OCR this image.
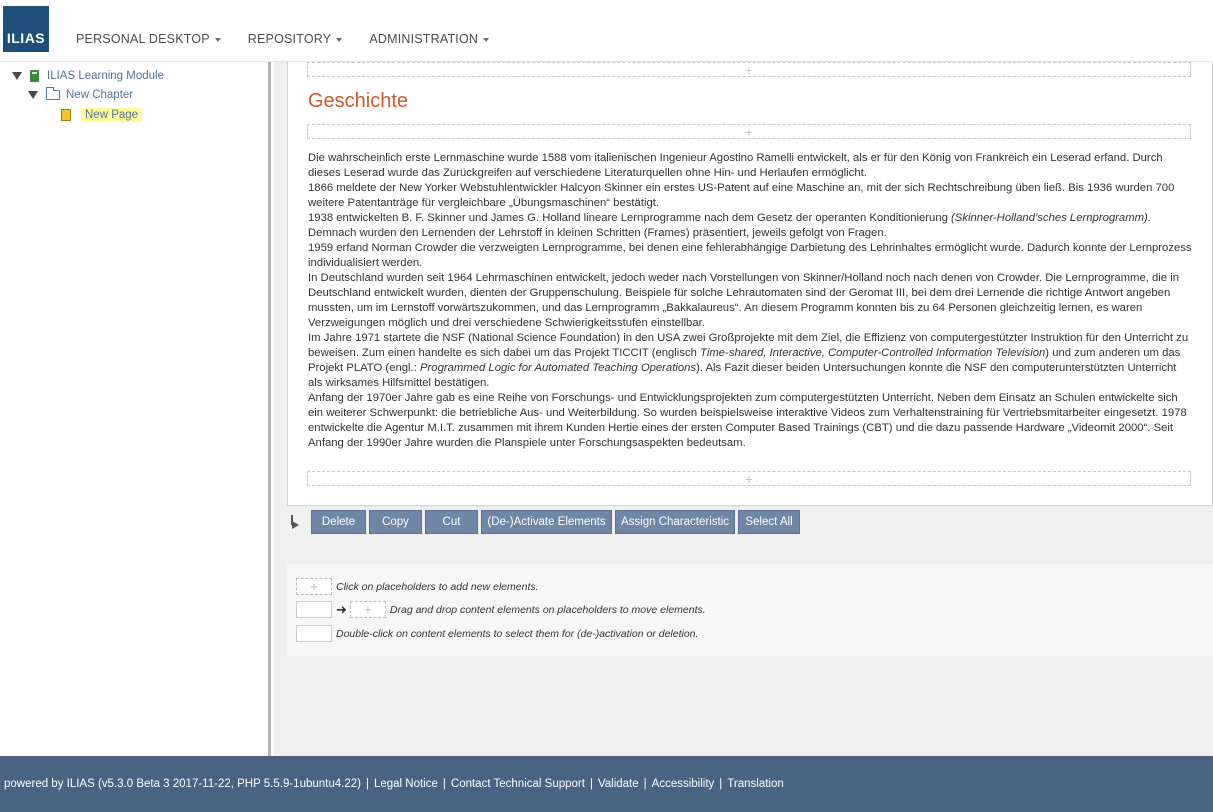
ILIAS PERSONAL DESKTOP	REPOSITORY	ADMINISTRATION
ILIAS Learning Module
New Chapter
New Page
+
Geschichte
+

Die wahrscheinlich erste Lernmaschine wurde 1588 vom italienischen Ingenieur Agostino Ramelli entwickelt, als er für den König von Frankreich ein Leserad erfand. Durch dieses Leserad wurde das Zurückgreifen auf verschiedene Literaturquellen ohne Hin- und Herlaufen ermöglicht.

1866 meldete der New Yorker Webstuhlentwickler Halcyon Skinner ein erstes US-Patent auf eine Maschine an, mit der sich Rechtschreibung üben ließ. Bis 1936 wurden 700 weitere Patentanträge für vergleichbare „Übungsmaschinen“ bestätigt.

1938 entwickelten B. F. Skinner und James G. Holland lineare Lernprogramme nach dem Gesetz der operanten Konditionierung (Skinner-Holland’sches Lernprogramm). Demnach wurden den Lernenden der Lehrstoff in kleinen Schritten (Frames) präsentiert, jeweils gefolgt von Fragen.

1959 erfand Norman Crowder die verzweigten Lernprogramme, bei denen eine fehlerabhängige Darbietung des Lehrinhaltes ermöglicht wurde. Dadurch konnte der Lernprozess individualisiert werden.

In Deutschland wurden seit 1964 Lehrmaschinen entwickelt, jedoch weder nach Vorstellungen von Skinner/Holland noch nach denen von Crowder. Die Lernprogramme, die in Deutschland entwickelt wurden, dienten der Gruppenschulung. Beispiele für solche Lehrautomaten sind der Geromat III, bei dem drei Lernende die richtige Antwort angeben mussten, um im Lernstoff vorwärtszukommen, und das Lernprogramm „Bakkalaureus“. An diesem Programm konnten bis zu 64 Personen gleichzeitig lernen, es waren Verzweigungen möglich und drei verschiedene Schwierigkeitsstufen einstellbar.

Im Jahre 1971 startete die NSF (National Science Foundation) in den USA zwei Großprojekte mit dem Ziel, die Effizienz von computergestützter Instruktion für den Unterricht zu beweisen. Zum einen handelte es sich dabei um das Projekt TICCIT (englisch Time-shared, Interactive, Computer-Controlled Information Television) und zum anderen um das Projekt PLATO (engl.: Programmed Logic for Automated Teaching Operations). Als Fazit dieser beiden Untersuchungen konnte die NSF den computerunterstützten Unterricht als wirksames Hilfsmittel bestätigen.

Anfang der 1970er Jahre gab es eine Reihe von Forschungs- und Entwicklungsprojekten zum computergestützten Unterricht. Neben dem Einsatz an Schulen entwickelte sich ein weiterer Schwerpunkt: die betriebliche Aus- und Weiterbildung. So wurden beispielsweise interaktive Videos zum Verhaltenstraining für Vertriebsmitarbeiter eingesetzt. 1978 entwickelte die Agentur M.I.T. zusammen mit ihrem Kunden Hertie eines der ersten Computer Based Trainings (CBT) und die dazu passende Hardware „Videomit 2000“. Seit Anfang der 1990er Jahre wurden die Planspiele unter Forschungsaspekten bedeutsam.

+
Delete	Copy	Cut	(De-)Activate Elements	Assign Characteristic	Select All
+	Click on placeholders to add new elements.
➜	+	Drag and drop content elements on placeholders to move elements.
Double-click on content elements to select them for (de-)activation or deletion.
powered by ILIAS (v5.3.0 Beta 3 2017-11-22, PHP 5.5.9-1ubuntu4.22) | Legal Notice | Contact Technical Support | Validate | Accessibility | Translation
